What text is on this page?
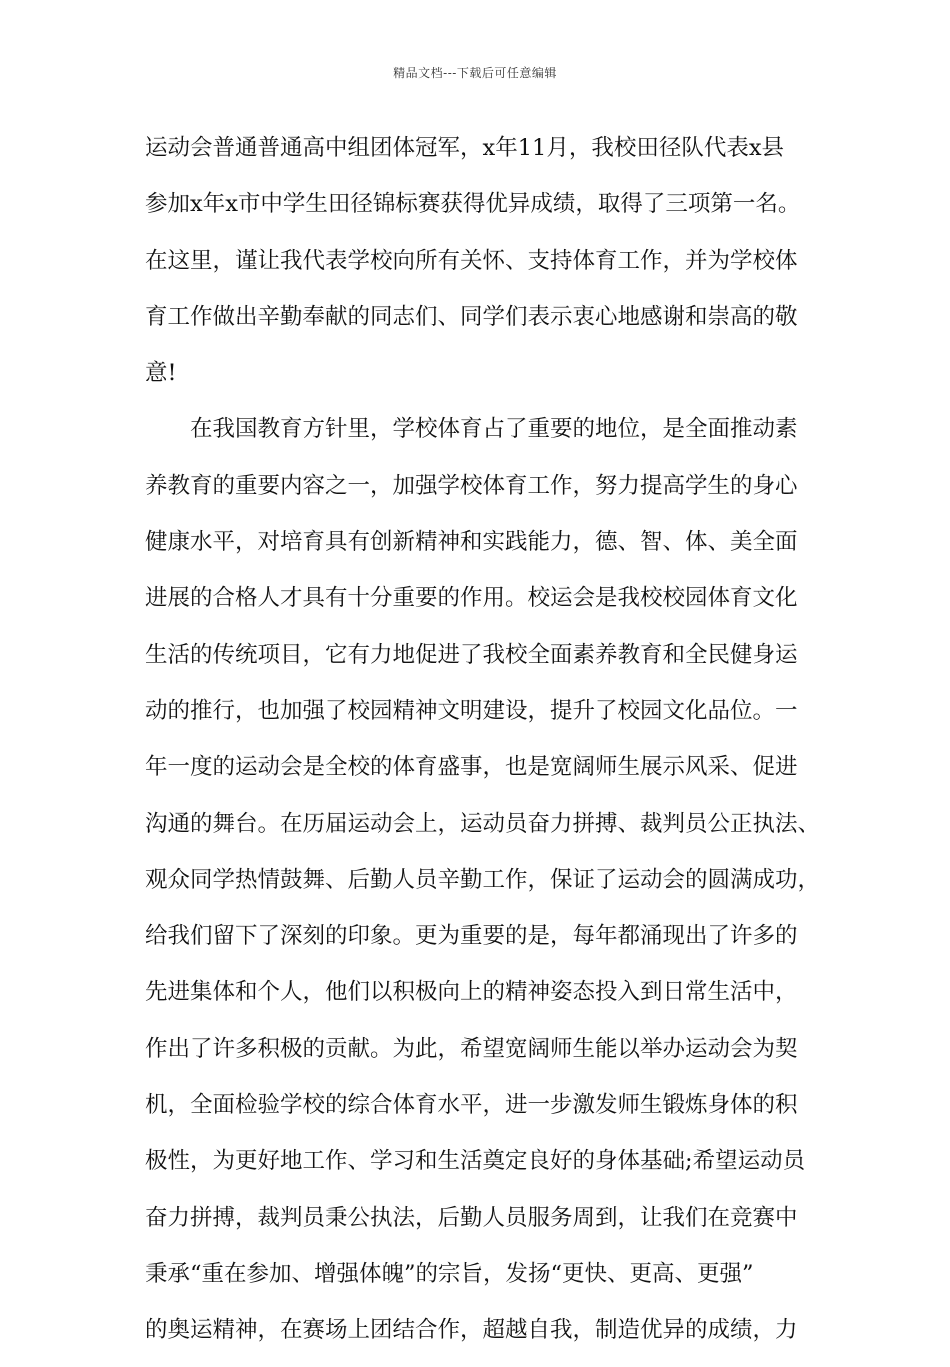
精品文档---下载后可任意编辑
运动会普通普通高中组团体冠军，x年11月，我校田径队代表x县
参加x年x市中学生田径锦标赛获得优异成绩，取得了三项第一名。
在这里，谨让我代表学校向所有关怀、支持体育工作，并为学校体
育工作做出辛勤奉献的同志们、同学们表示衷心地感谢和崇高的敬
意!
在我国教育方针里，学校体育占了重要的地位，是全面推动素
养教育的重要内容之一，加强学校体育工作，努力提高学生的身心
健康水平，对培育具有创新精神和实践能力，德、智、体、美全面
进展的合格人才具有十分重要的作用。校运会是我校校园体育文化
生活的传统项目，它有力地促进了我校全面素养教育和全民健身运
动的推行，也加强了校园精神文明建设，提升了校园文化品位。一
年一度的运动会是全校的体育盛事，也是宽阔师生展示风采、促进
沟通的舞台。在历届运动会上，运动员奋力拼搏、裁判员公正执法、
观众同学热情鼓舞、后勤人员辛勤工作，保证了运动会的圆满成功，
给我们留下了深刻的印象。更为重要的是，每年都涌现出了许多的
先进集体和个人，他们以积极向上的精神姿态投入到日常生活中，
作出了许多积极的贡献。为此，希望宽阔师生能以举办运动会为契
机，全面检验学校的综合体育水平，进一步激发师生锻炼身体的积
极性，为更好地工作、学习和生活奠定良好的身体基础;希望运动员
奋力拼搏，裁判员秉公执法，后勤人员服务周到，让我们在竞赛中
秉承“重在参加、增强体魄”的宗旨，发扬“更快、更高、更强”
的奥运精神，在赛场上团结合作，超越自我，制造优异的成绩，力
